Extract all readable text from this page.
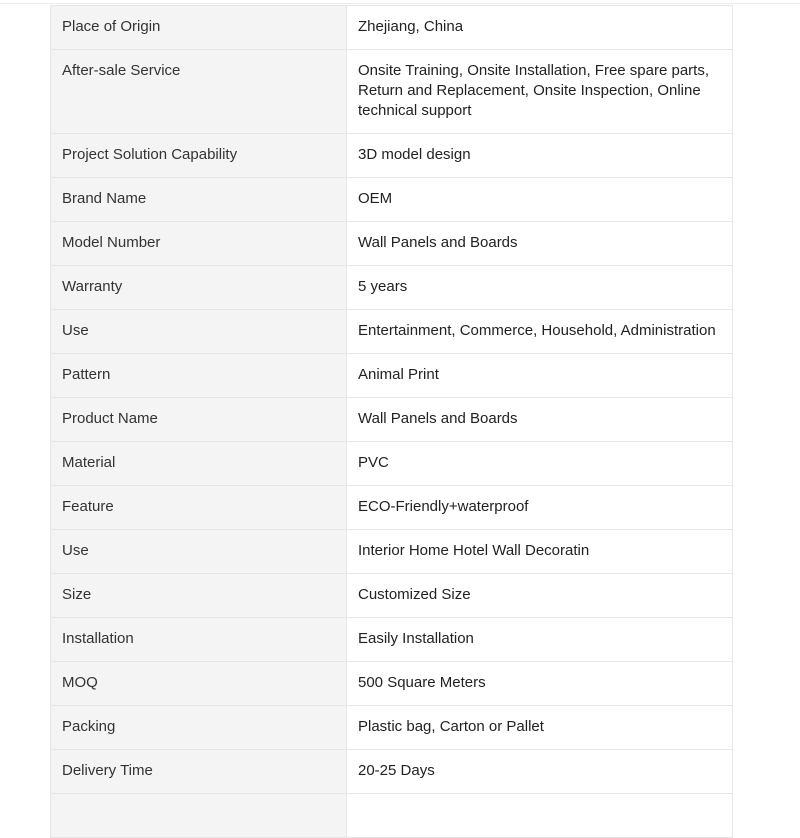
Place of Origin	Zhejiang, China
After-sale Service	Onsite Training, Onsite Installation, Free spare parts, Return and Replacement, Onsite Inspection, Online technical support
Project Solution Capability	3D model design
Brand Name	OEM
Model Number	Wall Panels and Boards
Warranty	5 years
Use	Entertainment, Commerce, Household, Administration
Pattern	Animal Print
Product Name	Wall Panels and Boards
Material	PVC
Feature	ECO-Friendly+waterproof
Use	Interior Home Hotel Wall Decoratin
Size	Customized Size
Installation	Easily Installation
MOQ	500 Square Meters
Packing	Plastic bag, Carton or Pallet
Delivery Time	20-25 Days
